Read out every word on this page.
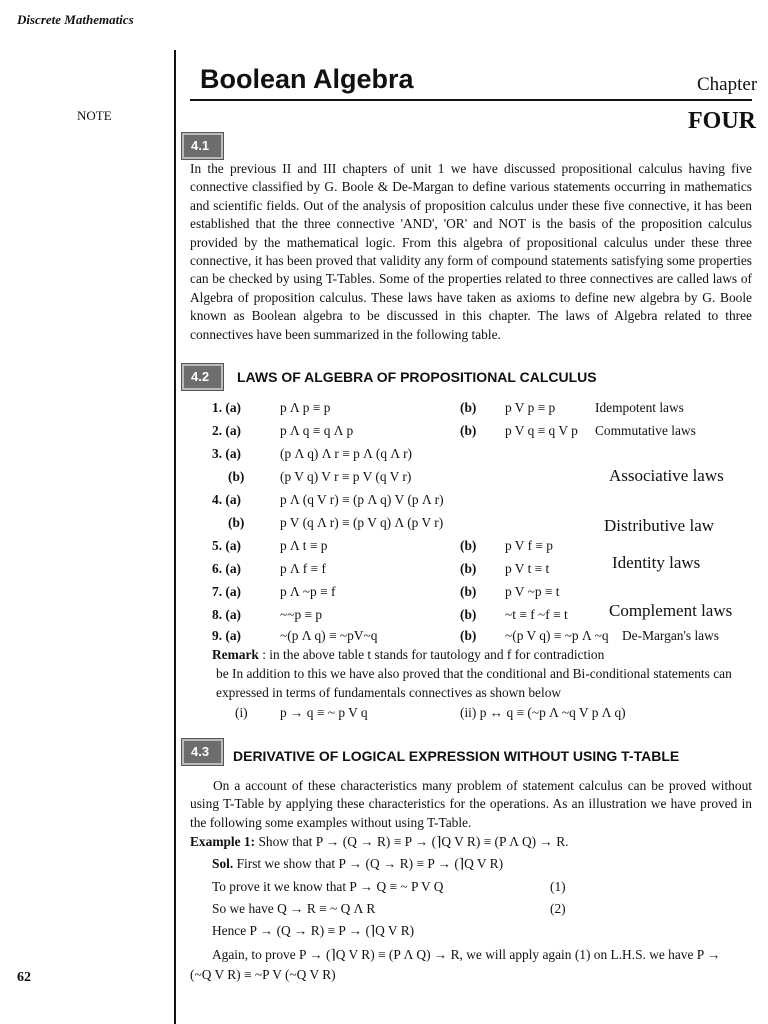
Discrete Mathematics
NOTE
62
Boolean Algebra	Chapter
FOUR
4.1
In the previous II and III chapters of unit 1 we have discussed propositional calculus having five connective classified by G. Boole & De-Margan to define various statements occurring in mathematics and scientific fields. Out of the analysis of proposition calculus under these five connective, it has been established that the three connective 'AND', 'OR' and NOT is the basis of the proposition calculus provided by the mathematical logic. From this algebra of propositional calculus under these three connective, it has been proved that validity any form of compound statements satisfying some properties can be checked by using T-Tables. Some of the properties related to three connectives are called laws of Algebra of proposition calculus. These laws have taken as axioms to define new algebra by G. Boole known as Boolean algebra to be discussed in this chapter. The laws of Algebra related to three connectives have been summarized in the following table.
4.2	LAWS OF ALGEBRA OF PROPOSITIONAL CALCULUS
1. (a)	p Λ p ≡ p	(b) p V p ≡ p	Idempotent laws
2. (a)	p Λ q ≡ q Λ p	(b) p V q ≡ q V p Commutative laws
3. (a)	(p Λ q) Λ r ≡ p Λ (q Λ r)
(b)	(p V q) V r ≡ p V (q V r)
4. (a)	p Λ (q V r) ≡ (p Λ q) V (p Λ r)
(b)	p V (q Λ r) ≡ (p V q) Λ (p V r)
5. (a)	p Λ t ≡ p	(b) p V f ≡ p
6. (a)	p Λ f ≡ f	(b) p V t ≡ t
7. (a)	p Λ ~p ≡ f	(b) p V ~p ≡ t
8. (a)	~~p ≡ p	(b) ~t ≡ f ~f ≡ t
9. (a)	~(p Λ q) ≡ ~pV~q	(b) ~(p V q) ≡ ~p Λ ~q De-Margan's laws
Associative laws
Distributive law
Identity laws
Complement laws
Remark : in the above table t stands for tautology and f for contradiction
be In addition to this we have also proved that the conditional and Bi-conditional statements can
expressed in terms of fundamentals connectives as shown below
(i) p → q ≡ ~ p V q	(ii) p ↔ q ≡ (~p Λ ~q V p Λ q)
4.3	DERIVATIVE OF LOGICAL EXPRESSION WITHOUT USING T-TABLE
On a account of these characteristics many problem of statement calculus can be proved without using T-Table by applying these characteristics for the operations. As an illustration we have proved in the following some examples without using T-Table.
Example 1: Show that P → (Q → R) ≡ P → (⌉Q V R) ≡ (P Λ Q) → R.
Sol. First we show that P → (Q → R) ≡ P → (⌉Q V R)
To prove it we know that P → Q ≡ ~ P V Q	(1)
So we have Q → R ≡ ~ Q Λ R	(2)
Hence P → (Q → R) ≡ P → (⌉Q V R)
Again, to prove P → (⌉Q V R) ≡ (P Λ Q) → R, we will apply again (1) on L.H.S. we have P →
(~Q V R) ≡ ~P V (~Q V R)
